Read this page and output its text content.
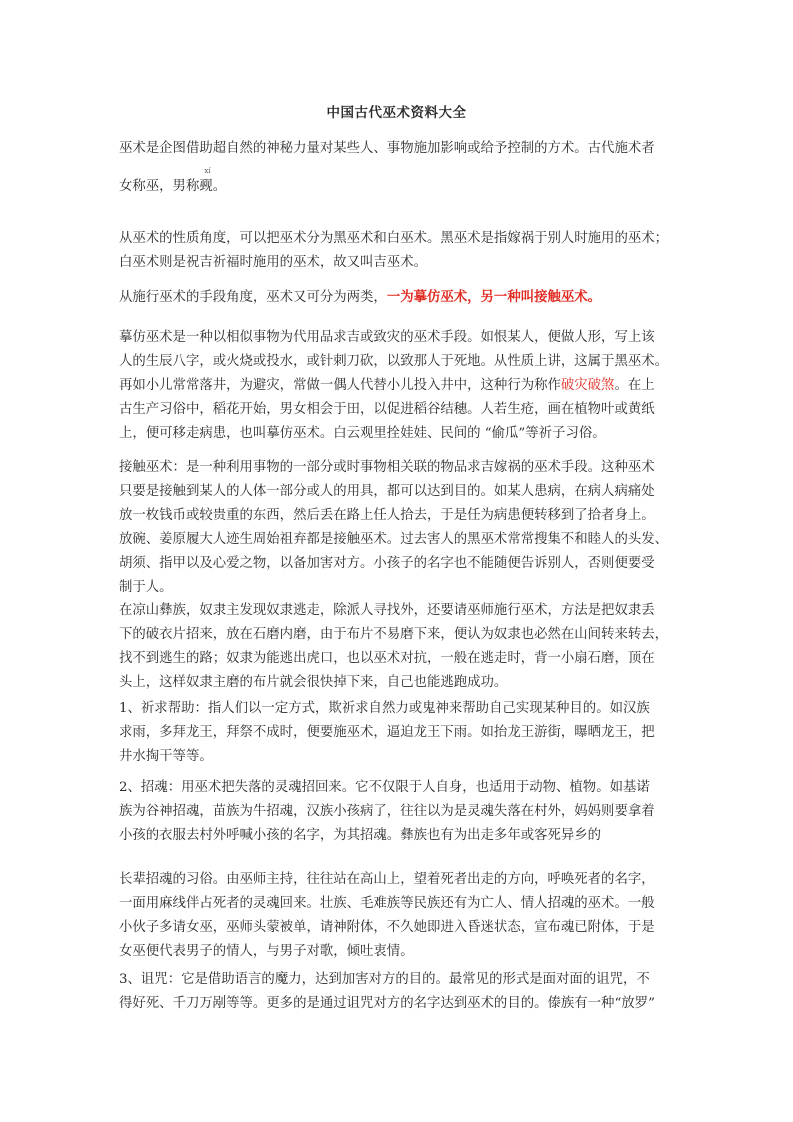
中国古代巫术资料大全
巫术是企图借助超自然的神秘力量对某些人、事物施加影响或给予控制的方术。古代施术者
女称巫，男称
xí
觋。
从巫术的性质角度，可以把巫术分为黑巫术和白巫术。黑巫术是指嫁祸于别人时施用的巫术；
白巫术则是祝吉祈福时施用的巫术，故又叫吉巫术。
从施行巫术的手段角度，巫术又可分为两类，一为摹仿巫术，另一种叫接触巫术。
摹仿巫术是一种以相似事物为代用品求吉或致灾的巫术手段。如恨某人，便做人形，写上该
人的生辰八字，或火烧或投水，或针刺刀砍，以致那人于死地。从性质上讲，这属于黑巫术。
再如小儿常常落井，为避灾，常做一偶人代替小儿投入井中，这种行为称作破灾破煞。在上
古生产习俗中，稻花开始，男女相会于田，以促进稻谷结穗。人若生疮，画在植物叶或黄纸
上，便可移走病患，也叫摹仿巫术。白云观里拴娃娃、民间的 “偷瓜”等祈子习俗。
接触巫术：是一种利用事物的一部分或时事物相关联的物品求吉嫁祸的巫术手段。这种巫术
只要是接触到某人的人体一部分或人的用具，都可以达到目的。如某人患病，在病人病痛处
放一枚钱币或较贵重的东西，然后丢在路上任人拾去，于是任为病患便转移到了拾者身上。
放碗、姜原履大人迹生周始祖弃都是接触巫术。过去害人的黑巫术常常搜集不和睦人的头发、
胡须、指甲以及心爱之物，以备加害对方。小孩子的名字也不能随便告诉别人，否则便要受
制于人。
在凉山彝族，奴隶主发现奴隶逃走，除派人寻找外，还要请巫师施行巫术，方法是把奴隶丢
下的破衣片招来，放在石磨内磨，由于布片不易磨下来，便认为奴隶也必然在山间转来转去，
找不到逃生的路；奴隶为能逃出虎口，也以巫术对抗，一般在逃走时，背一小扇石磨，顶在
头上，这样奴隶主磨的布片就会很快掉下来，自己也能逃跑成功。
1、祈求帮助：指人们以一定方式，欺祈求自然力或鬼神来帮助自己实现某种目的。如汉族
求雨，多拜龙王，拜祭不成时，便要施巫术，逼迫龙王下雨。如抬龙王游街，曝晒龙王，把
井水掏干等等。
2、招魂：用巫术把失落的灵魂招回来。它不仅限于人自身，也适用于动物、植物。如基诺
族为谷神招魂，苗族为牛招魂，汉族小孩病了，往往以为是灵魂失落在村外，妈妈则要拿着
小孩的衣服去村外呼喊小孩的名字，为其招魂。彝族也有为出走多年或客死异乡的
长辈招魂的习俗。由巫师主持，往往站在高山上，望着死者出走的方向，呼唤死者的名字，
一面用麻线伴占死者的灵魂回来。壮族、毛难族等民族还有为亡人、情人招魂的巫术。一般
小伙子多请女巫，巫师头蒙被单，请神附体，不久她即进入昏迷状态，宣布魂已附体，于是
女巫便代表男子的情人，与男子对歌，倾吐衷情。
3、诅咒：它是借助语言的魔力，达到加害对方的目的。最常见的形式是面对面的诅咒，不
得好死、千刀万剐等等。更多的是通过诅咒对方的名字达到巫术的目的。傣族有一种“放罗”
